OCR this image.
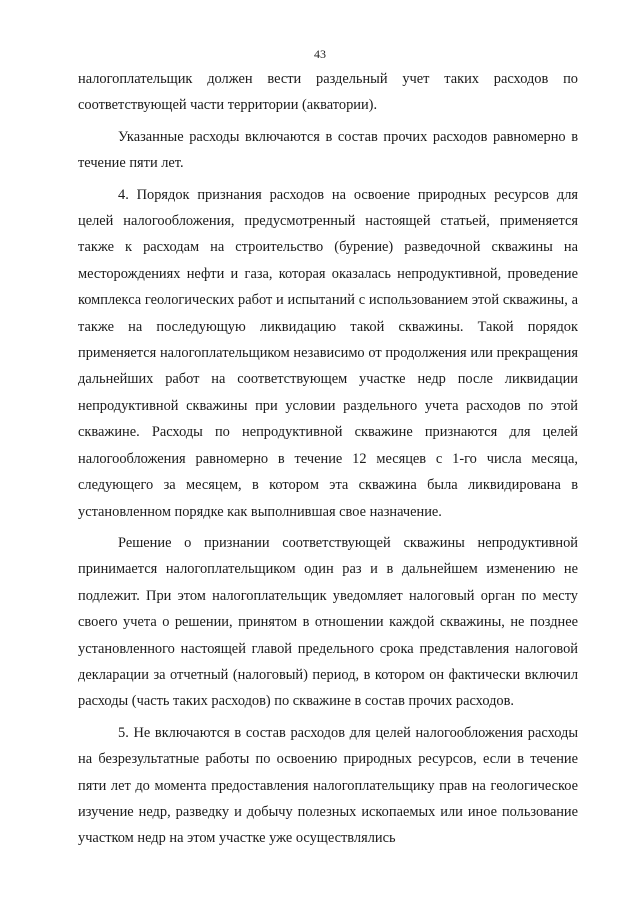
43

налогоплательщик должен вести раздельный учет таких расходов по соответствующей части территории (акватории).

Указанные расходы включаются в состав прочих расходов равномерно в течение пяти лет.

4. Порядок признания расходов на освоение природных ресурсов для целей налогообложения, предусмотренный настоящей статьей, применяется также к расходам на строительство (бурение) разведочной скважины на месторождениях нефти и газа, которая оказалась непродуктивной, проведение комплекса геологических работ и испытаний с использованием этой скважины, а также на последующую ликвидацию такой скважины. Такой порядок применяется налогоплательщиком независимо от продолжения или прекращения дальнейших работ на соответствующем участке недр после ликвидации непродуктивной скважины при условии раздельного учета расходов по этой скважине. Расходы по непродуктивной скважине признаются для целей налогообложения равномерно в течение 12 месяцев с 1-го числа месяца, следующего за месяцем, в котором эта скважина была ликвидирована в установленном порядке как выполнившая свое назначение.

Решение о признании соответствующей скважины непродуктивной принимается налогоплательщиком один раз и в дальнейшем изменению не подлежит. При этом налогоплательщик уведомляет налоговый орган по месту своего учета о решении, принятом в отношении каждой скважины, не позднее установленного настоящей главой предельного срока представления налоговой декларации за отчетный (налоговый) период, в котором он фактически включил расходы (часть таких расходов) по скважине в состав прочих расходов.

5. Не включаются в состав расходов для целей налогообложения расходы на безрезультатные работы по освоению природных ресурсов, если в течение пяти лет до момента предоставления налогоплательщику прав на геологическое изучение недр, разведку и добычу полезных ископаемых или иное пользование участком недр на этом участке уже осуществлялись
